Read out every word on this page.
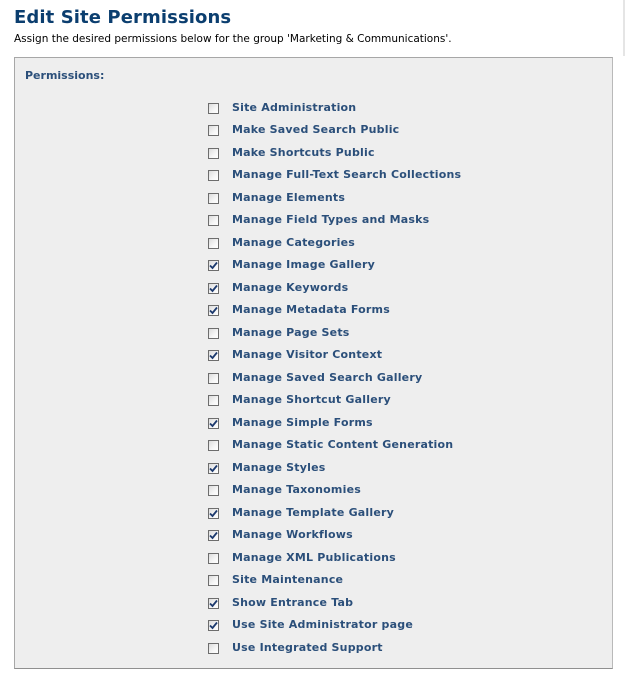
Edit Site Permissions
Assign the desired permissions below for the group 'Marketing & Communications'.
Permissions:
Site Administration
Make Saved Search Public
Make Shortcuts Public
Manage Full-Text Search Collections
Manage Elements
Manage Field Types and Masks
Manage Categories
Manage Image Gallery
Manage Keywords
Manage Metadata Forms
Manage Page Sets
Manage Visitor Context
Manage Saved Search Gallery
Manage Shortcut Gallery
Manage Simple Forms
Manage Static Content Generation
Manage Styles
Manage Taxonomies
Manage Template Gallery
Manage Workflows
Manage XML Publications
Site Maintenance
Show Entrance Tab
Use Site Administrator page
Use Integrated Support
